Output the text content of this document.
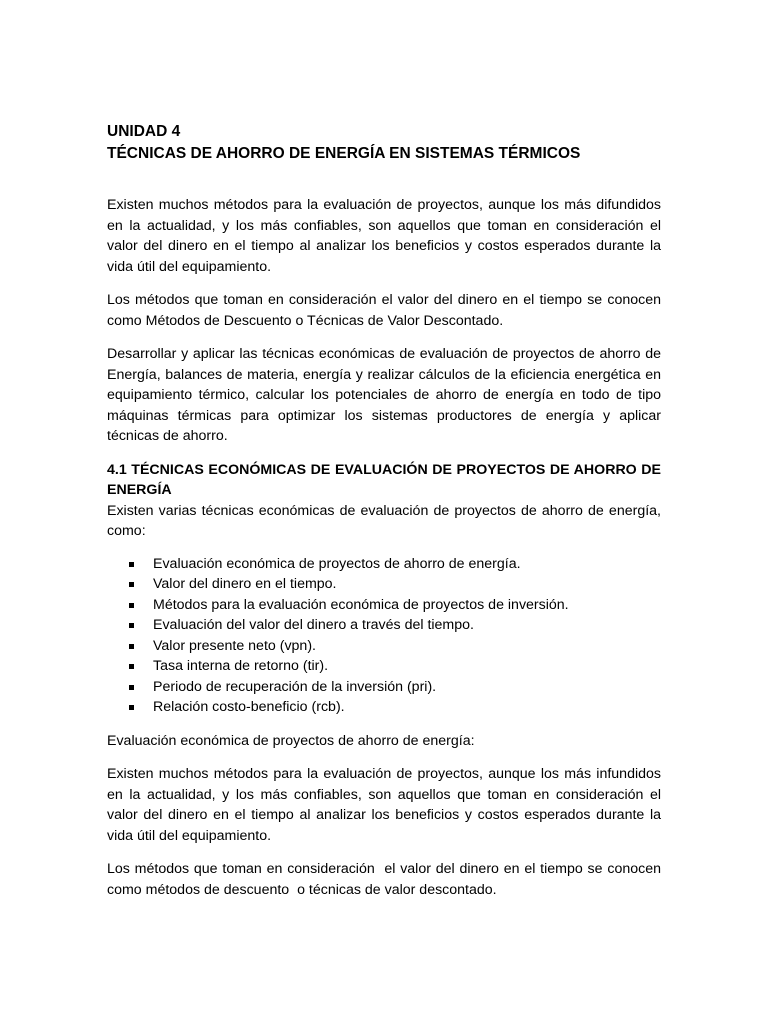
UNIDAD 4
TÉCNICAS DE AHORRO DE ENERGÍA EN SISTEMAS TÉRMICOS

Existen muchos métodos para la evaluación de proyectos, aunque los más difundidos en la actualidad, y los más confiables, son aquellos que toman en consideración el valor del dinero en el tiempo al analizar los beneficios y costos esperados durante la vida útil del equipamiento.

Los métodos que toman en consideración el valor del dinero en el tiempo se conocen como Métodos de Descuento o Técnicas de Valor Descontado.

Desarrollar y aplicar las técnicas económicas de evaluación de proyectos de ahorro de Energía, balances de materia, energía y realizar cálculos de la eficiencia energética en equipamiento térmico, calcular los potenciales de ahorro de energía en todo de tipo máquinas térmicas para optimizar los sistemas productores de energía y aplicar técnicas de ahorro.

4.1 TÉCNICAS ECONÓMICAS DE EVALUACIÓN DE PROYECTOS DE AHORRO DE ENERGÍA

Existen varias técnicas económicas de evaluación de proyectos de ahorro de energía, como:

Evaluación económica de proyectos de ahorro de energía.
Valor del dinero en el tiempo.
Métodos para la evaluación económica de proyectos de inversión.
Evaluación del valor del dinero a través del tiempo.
Valor presente neto (vpn).
Tasa interna de retorno (tir).
Periodo de recuperación de la inversión (pri).
Relación costo-beneficio (rcb).

Evaluación económica de proyectos de ahorro de energía:

Existen muchos métodos para la evaluación de proyectos, aunque los más infundidos en la actualidad, y los más confiables, son aquellos que toman en consideración el valor del dinero en el tiempo al analizar los beneficios y costos esperados durante la vida útil del equipamiento.

Los métodos que toman en consideración  el valor del dinero en el tiempo se conocen como métodos de descuento  o técnicas de valor descontado.
